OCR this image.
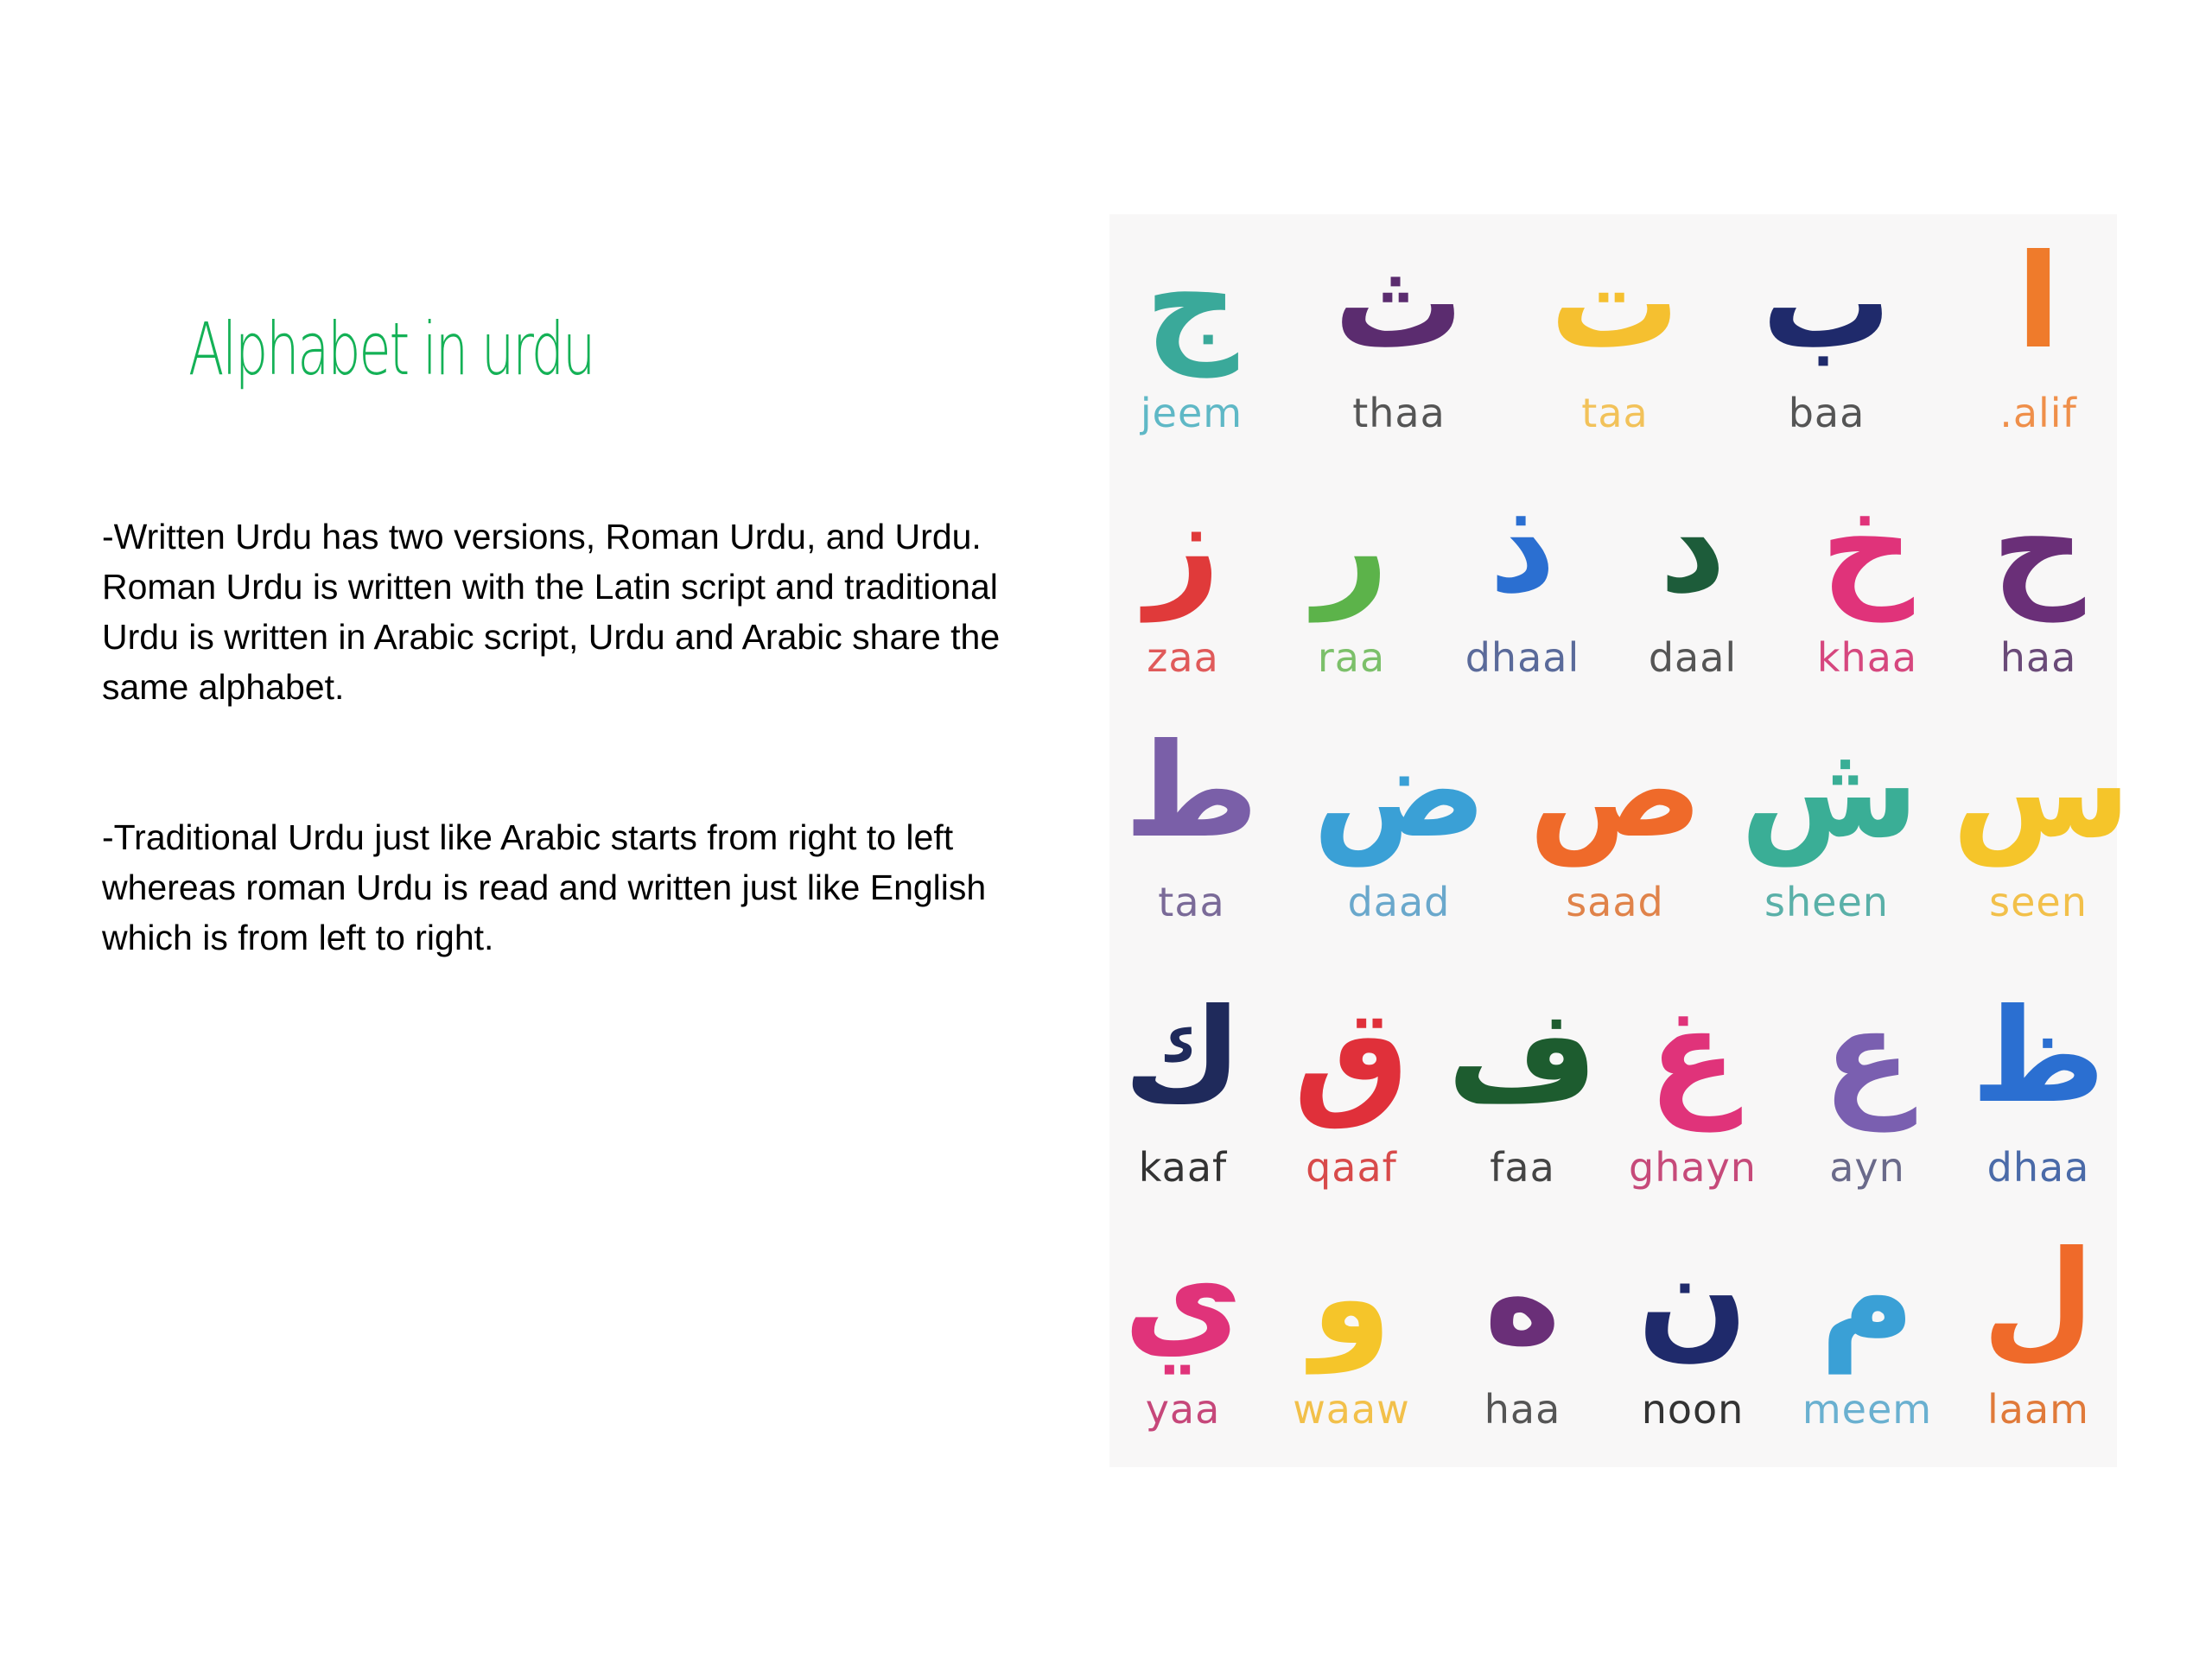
Alphabet in urdu

-Written Urdu has two versions, Roman Urdu, and Urdu.

Roman Urdu is written with the Latin script and traditional Urdu is written in Arabic script, Urdu and Arabic share the same alphabet.

-Traditional Urdu just like Arabic starts from right to left whereas roman Urdu is read and written just like English which is from left to right.

ج
jeem
ث
thaa
ت
taa
ب
baa
ا
.alif
ز
zaa
ر
raa
ذ
dhaal
د
daal
خ
khaa
ح
haa
ط
taa
ض
daad
ص
saad
ش
sheen
س
seen
ك
kaaf
ق
qaaf
ف
faa
غ
ghayn
ع
ayn
ظ
dhaa
ي
yaa
و
waaw
ه
haa
ن
noon
م
meem
ل
laam
